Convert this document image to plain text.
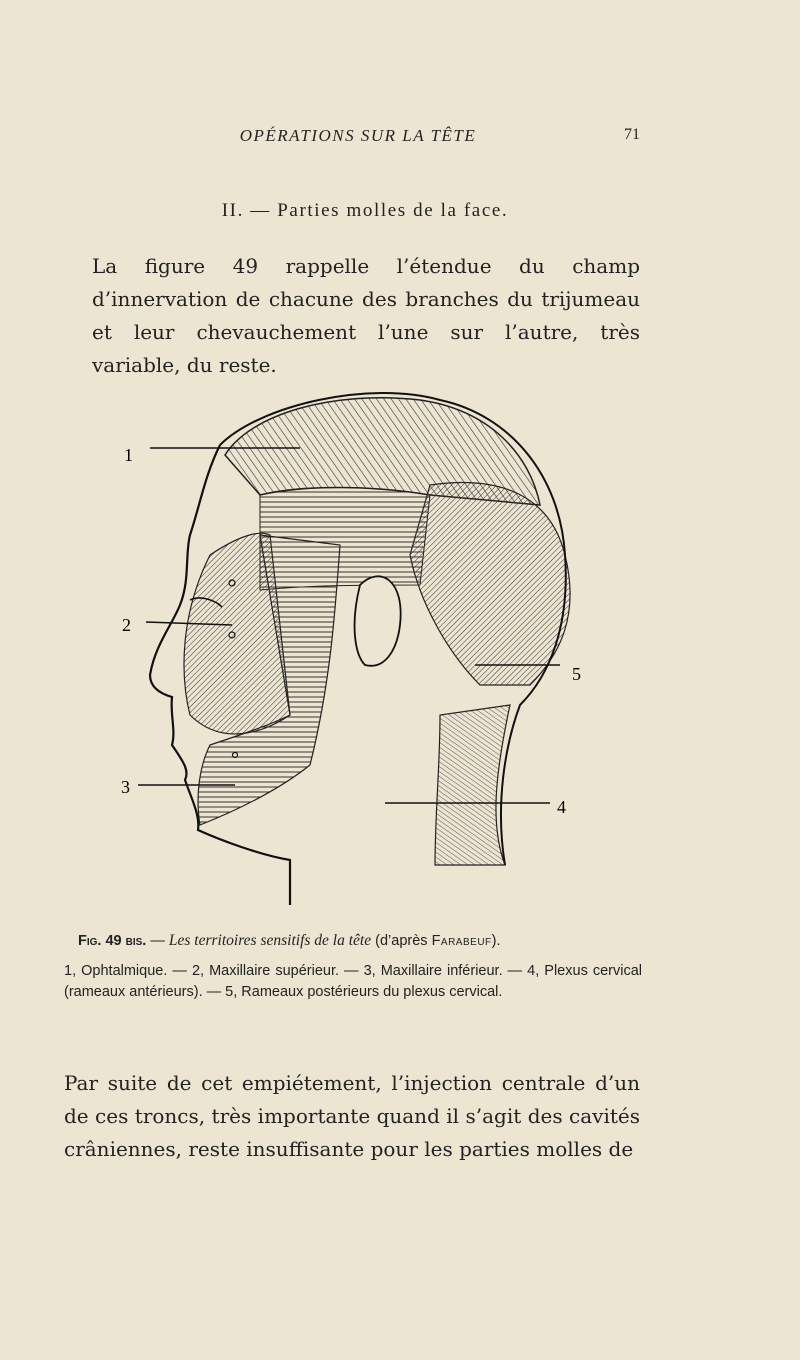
OPÉRATIONS SUR LA TÊTE	71
II. — Parties molles de la face.
La figure 49 rappelle l’étendue du champ d’innervation de chacune des branches du trijumeau et leur chevauchement l’une sur l’autre, très variable, du reste.
1
2
3
4
5
Fig. 49 bis. — Les territoires sensitifs de la tête (d’après Farabeuf).
1, Ophtalmique. — 2, Maxillaire supérieur. — 3, Maxillaire inférieur. — 4, Plexus cervical (rameaux antérieurs). — 5, Rameaux postérieurs du plexus cervical.
Par suite de cet empiétement, l’injection centrale d’un de ces troncs, très importante quand il s’agit des cavités crâniennes, reste insuffisante pour les parties molles de
